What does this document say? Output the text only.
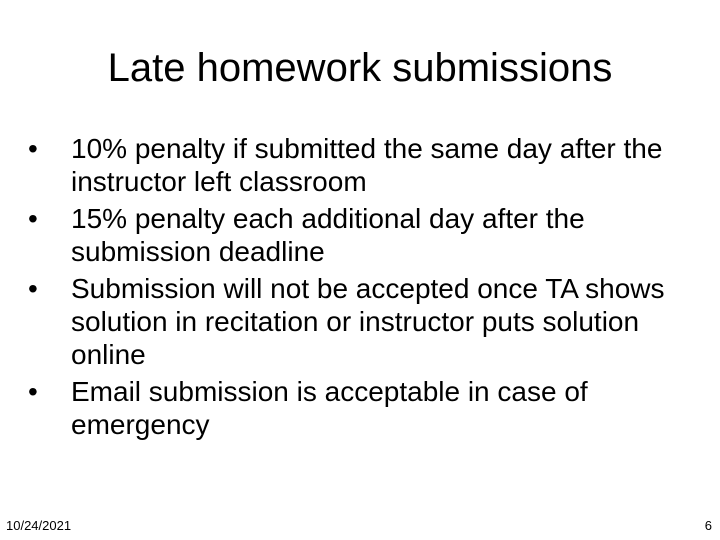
Late homework submissions
•	10% penalty if submitted the same day after the instructor left classroom
•	15% penalty each additional day after the submission deadline
•	Submission will not be accepted once TA shows solution in recitation or instructor puts solution online
•	Email submission is acceptable in case of emergency
10/24/2021	6
